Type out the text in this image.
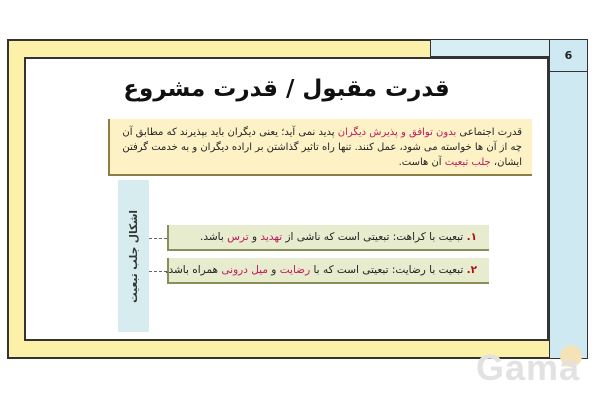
6
قدرت مقبول / قدرت مشروع
قدرت اجتماعی بدون توافق و پذیرش دیگران پدید نمی آید؛ یعنی دیگران باید بپذیرند که مطابق آن چه از آن ها خواسته می شود، عمل کنند. تنها راه تاثیر گذاشتن بر اراده دیگران و به خدمت گرفتن ایشان، جلب تبعیت آن هاست.
اشکال جلب تبعیت	۱. تبعیت با کراهت: تبعیتی است که ناشی از تهدید و ترس باشد.
۲. تبعیت با رضایت: تبعیتی است که با رضایت و میل درونی همراه باشد.
Gama
